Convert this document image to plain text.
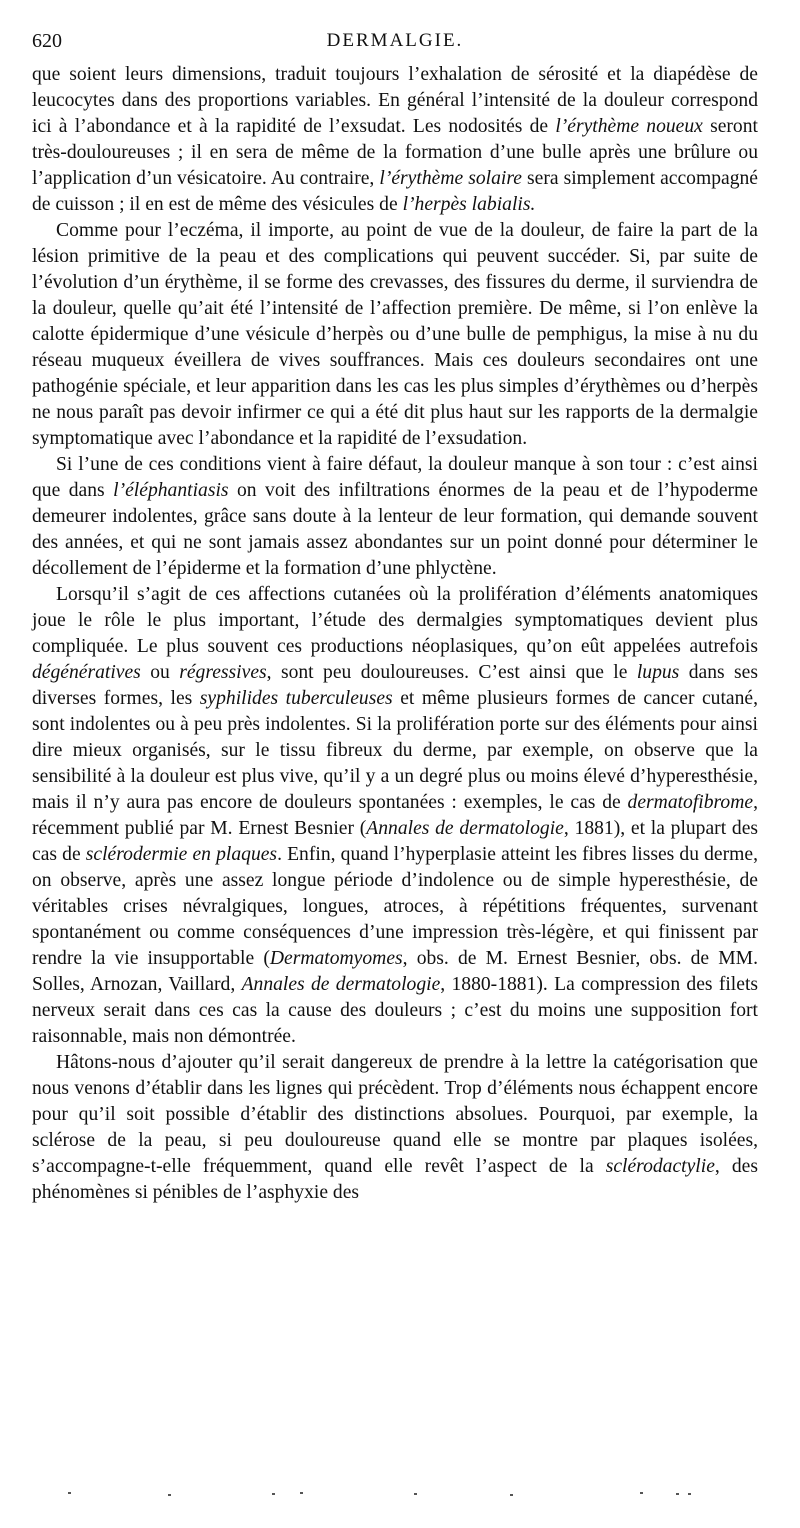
620	DERMALGIE.

que soient leurs dimensions, traduit toujours l’exhalation de sérosité et la diapédèse de leucocytes dans des proportions variables. En général l’intensité de la douleur correspond ici à l’abondance et à la rapidité de l’exsudat. Les nodosités de l’érythème noueux seront très-douloureuses ; il en sera de même de la formation d’une bulle après une brûlure ou l’application d’un vésicatoire. Au contraire, l’érythème solaire sera simplement accompagné de cuisson ; il en est de même des vésicules de l’herpès labialis.

Comme pour l’eczéma, il importe, au point de vue de la douleur, de faire la part de la lésion primitive de la peau et des complications qui peuvent succéder. Si, par suite de l’évolution d’un érythème, il se forme des crevasses, des fissures du derme, il surviendra de la douleur, quelle qu’ait été l’intensité de l’affection première. De même, si l’on enlève la calotte épidermique d’une vésicule d’herpès ou d’une bulle de pemphigus, la mise à nu du réseau muqueux éveillera de vives souffrances. Mais ces douleurs secondaires ont une pathogénie spéciale, et leur apparition dans les cas les plus simples d’érythèmes ou d’herpès ne nous paraît pas devoir infirmer ce qui a été dit plus haut sur les rapports de la dermalgie symptomatique avec l’abondance et la rapidité de l’exsudation.

Si l’une de ces conditions vient à faire défaut, la douleur manque à son tour : c’est ainsi que dans l’éléphantiasis on voit des infiltrations énormes de la peau et de l’hypoderme demeurer indolentes, grâce sans doute à la lenteur de leur formation, qui demande souvent des années, et qui ne sont jamais assez abondantes sur un point donné pour déterminer le décollement de l’épiderme et la formation d’une phlyctène.

Lorsqu’il s’agit de ces affections cutanées où la prolifération d’éléments anatomiques joue le rôle le plus important, l’étude des dermalgies symptomatiques devient plus compliquée. Le plus souvent ces productions néoplasiques, qu’on eût appelées autrefois dégénératives ou régressives, sont peu douloureuses. C’est ainsi que le lupus dans ses diverses formes, les syphilides tuberculeuses et même plusieurs formes de cancer cutané, sont indolentes ou à peu près indolentes. Si la prolifération porte sur des éléments pour ainsi dire mieux organisés, sur le tissu fibreux du derme, par exemple, on observe que la sensibilité à la douleur est plus vive, qu’il y a un degré plus ou moins élevé d’hyperesthésie, mais il n’y aura pas encore de douleurs spontanées : exemples, le cas de dermatofibrome, récemment publié par M. Ernest Besnier (Annales de dermatologie, 1881), et la plupart des cas de sclérodermie en plaques. Enfin, quand l’hyperplasie atteint les fibres lisses du derme, on observe, après une assez longue période d’indolence ou de simple hyperesthésie, de véritables crises névralgiques, longues, atroces, à répétitions fréquentes, survenant spontanément ou comme conséquences d’une impression très-légère, et qui finissent par rendre la vie insupportable (Dermatomyomes, obs. de M. Ernest Besnier, obs. de MM. Solles, Arnozan, Vaillard, Annales de dermatologie, 1880-1881). La compression des filets nerveux serait dans ces cas la cause des douleurs ; c’est du moins une supposition fort raisonnable, mais non démontrée.

Hâtons-nous d’ajouter qu’il serait dangereux de prendre à la lettre la catégorisation que nous venons d’établir dans les lignes qui précèdent. Trop d’éléments nous échappent encore pour qu’il soit possible d’établir des distinctions absolues. Pourquoi, par exemple, la sclérose de la peau, si peu douloureuse quand elle se montre par plaques isolées, s’accompagne-t-elle fréquemment, quand elle revêt l’aspect de la sclérodactylie, des phénomènes si pénibles de l’asphyxie des
